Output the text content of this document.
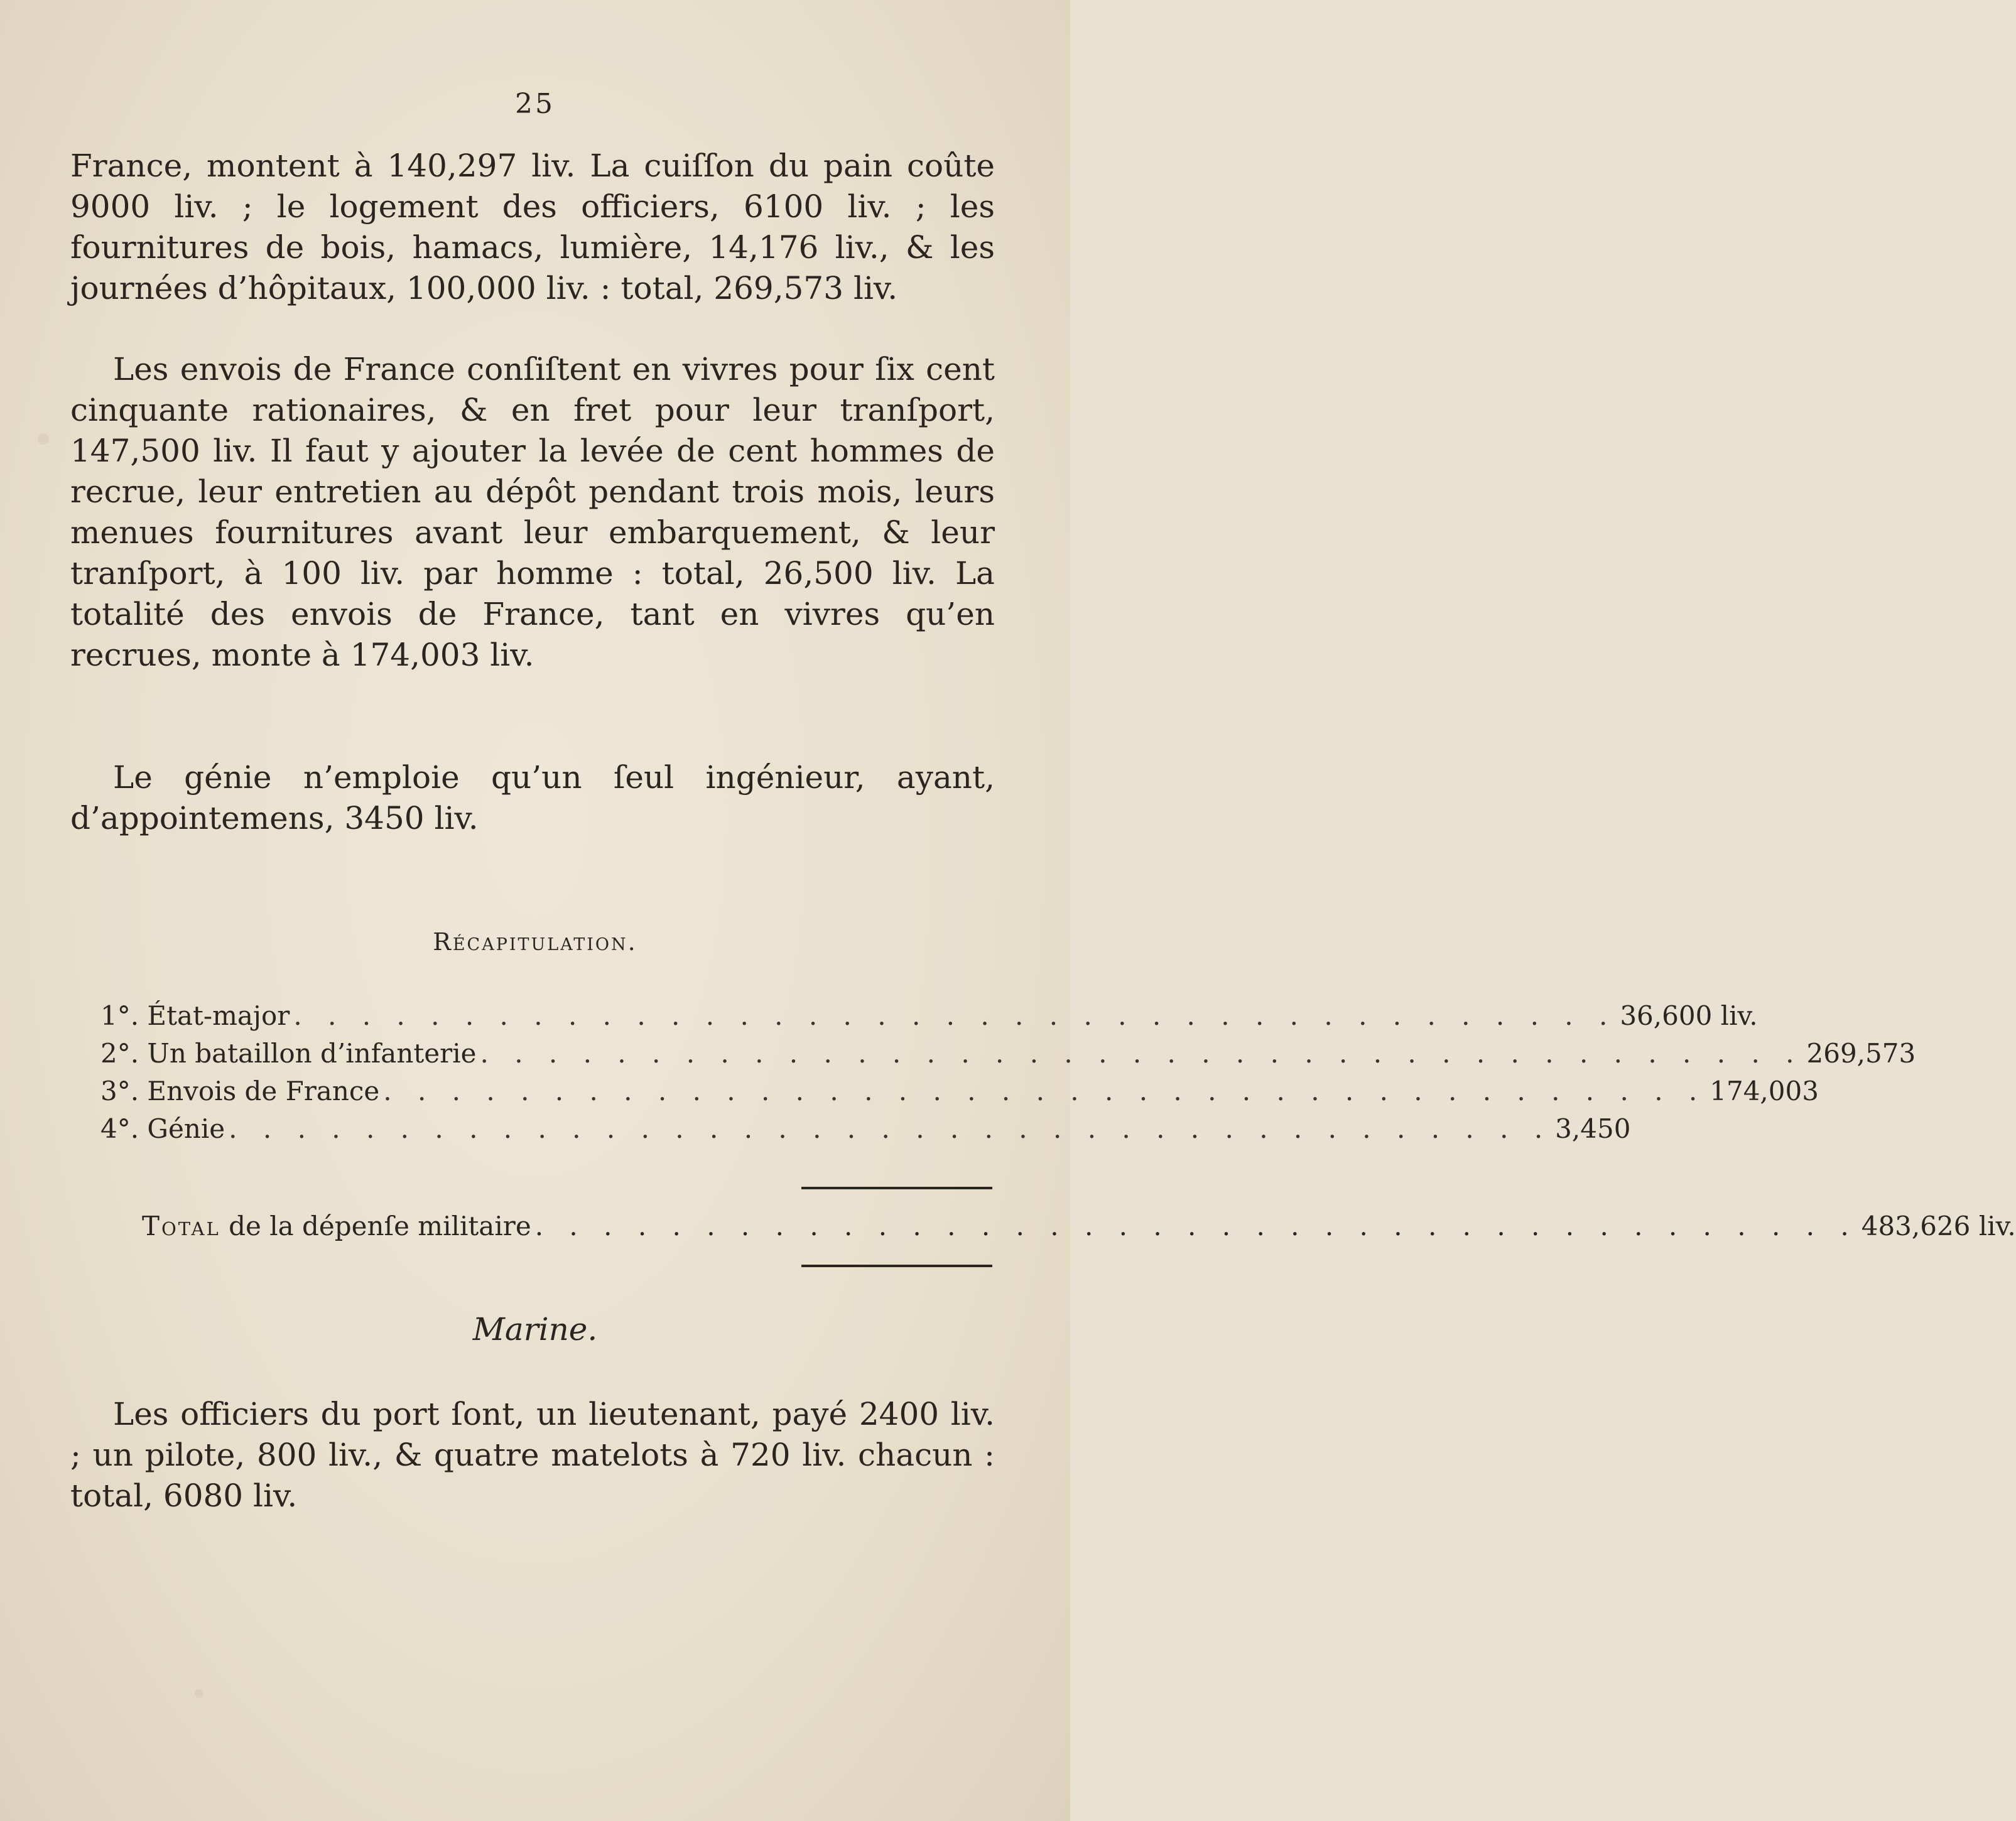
25

France, montent à 140,297 liv. La cuiſſon du pain coûte 9000 liv. ; le logement des officiers, 6100 liv. ; les fournitures de bois, hamacs, lumière, 14,176 liv., & les journées d’hôpitaux, 100,000 liv. : total, 269,573 liv.

Les envois de France conſiſtent en vivres pour ſix cent cinquante rationaires, & en fret pour leur tranſport, 147,500 liv. Il faut y ajouter la levée de cent hommes de recrue, leur entretien au dépôt pendant trois mois, leurs menues fournitures avant leur embarquement, & leur tranſport, à 100 liv. par homme : total, 26,500 liv. La totalité des envois de France, tant en vivres qu’en recrues, monte à 174,003 liv.

Le génie n’emploie qu’un ſeul ingénieur, ayant, d’appointemens, 3450 liv.

Récapitulation.
1°. État-major . . . . . . . . . . . . . . . . . . . . . . . . . . . . . . . . . . . . . . . 36,600 liv.
2°. Un bataillon d’infanterie . . . . . . . . . . . . . . . . . . . . . . . . . . . . . . . . . . . . . . . 269,573
3°. Envois de France . . . . . . . . . . . . . . . . . . . . . . . . . . . . . . . . . . . . . . . 174,003
4°. Génie . . . . . . . . . . . . . . . . . . . . . . . . . . . . . . . . . . . . . . . 3,450
Total de la dépenſe militaire . . . . . . . . . . . . . . . . . . . . . . . . . . . . . . . . . . . . . . . 483,626 liv.
Marine.

Les officiers du port ſont, un lieutenant, payé 2400 liv. ; un pilote, 800 liv., & quatre matelots à 720 liv. chacun : total, 6080 liv.
